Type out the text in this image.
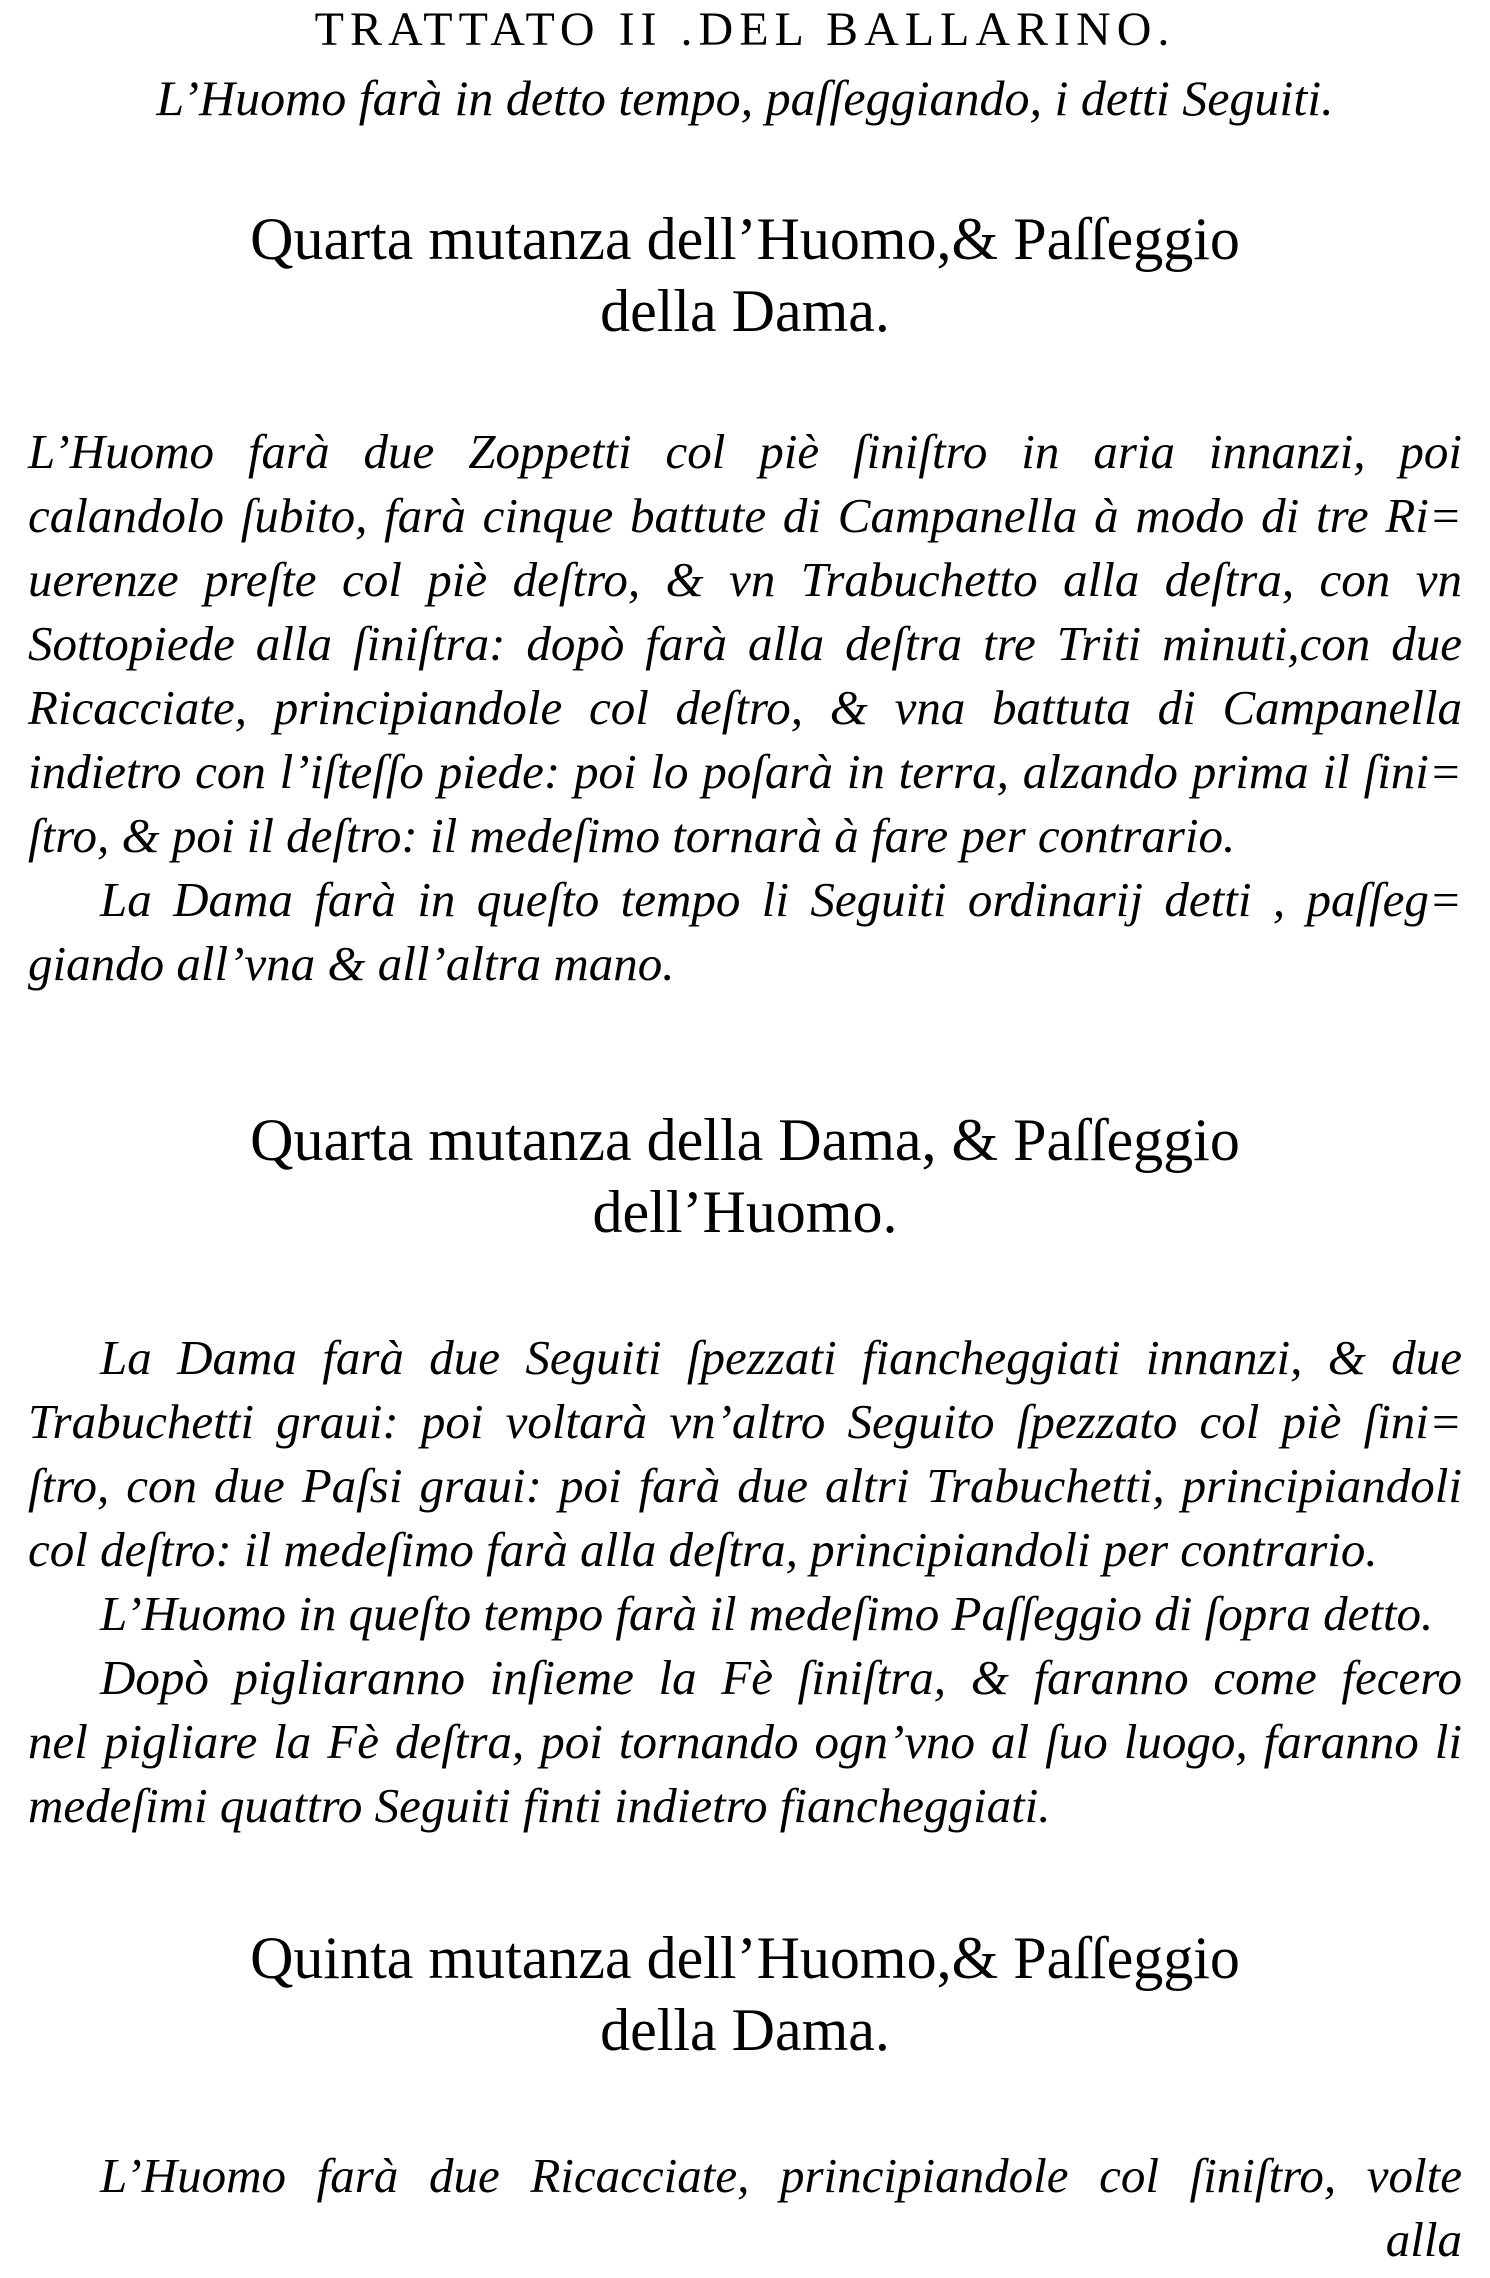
TRATTATO II .DEL BALLARINO.
L’Huomo farà in detto tempo, paſſeggiando, i detti Seguiti.
Quarta mutanza dell’Huomo,& Paſſeggio
della Dama.
L’Huomo farà due Zoppetti col piè ſiniſtro in aria innanzi, poi
calandolo ſubito, farà cinque battute di Campanella à modo di tre Ri=
uerenze preſte col piè deſtro, & vn Trabuchetto alla deſtra, con vn
Sottopiede alla ſiniſtra: dopò farà alla deſtra tre Triti minuti,con due
Ricacciate, principiandole col deſtro, & vna battuta di Campanella
indietro con l’iſteſſo piede: poi lo poſarà in terra, alzando prima il ſini=
ſtro, & poi il deſtro: il medeſimo tornarà à fare per contrario.
La Dama farà in queſto tempo li Seguiti ordinarij detti , paſſeg=
giando all’vna & all’altra mano.
Quarta mutanza della Dama, & Paſſeggio
dell’Huomo.
La Dama farà due Seguiti ſpezzati fiancheggiati innanzi, & due
Trabuchetti graui: poi voltarà vn’altro Seguito ſpezzato col piè ſini=
ſtro, con due Paſsi graui: poi farà due altri Trabuchetti, principiandoli
col deſtro: il medeſimo farà alla deſtra, principiandoli per contrario.
L’Huomo in queſto tempo farà il medeſimo Paſſeggio di ſopra detto.
Dopò pigliaranno inſieme la Fè ſiniſtra, & faranno come fecero
nel pigliare la Fè deſtra, poi tornando ogn’vno al ſuo luogo, faranno li
medeſimi quattro Seguiti finti indietro fiancheggiati.
Quinta mutanza dell’Huomo,& Paſſeggio
della Dama.
L’Huomo farà due Ricacciate, principiandole col ſiniſtro, volte
alla
